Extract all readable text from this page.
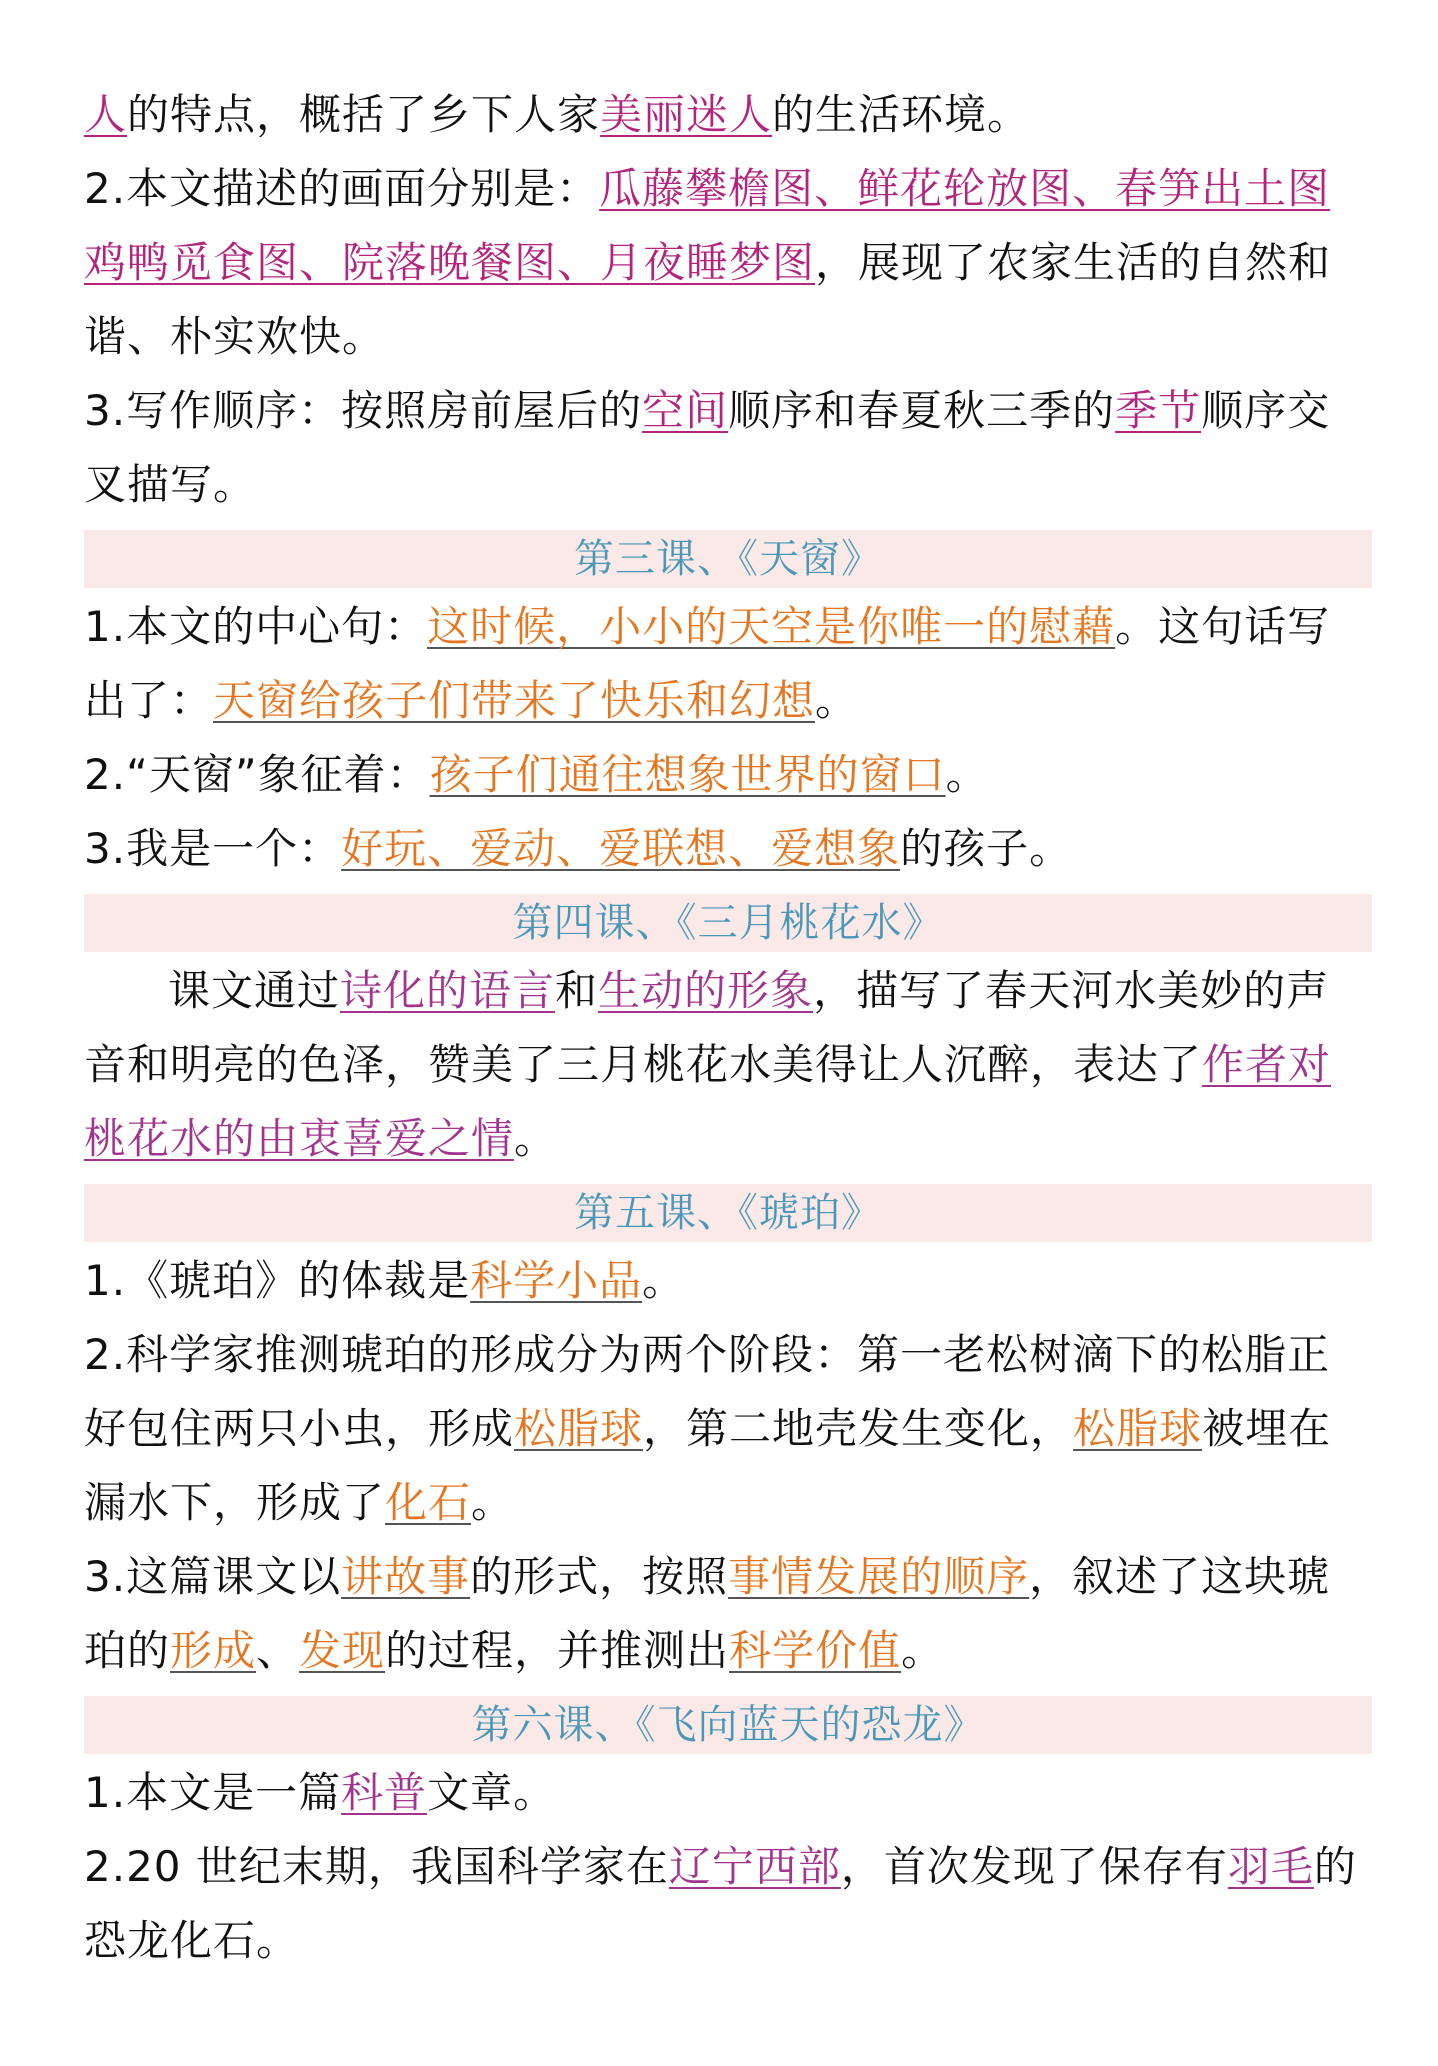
人的特点，概括了乡下人家美丽迷人的生活环境。
2.本文描述的画面分别是：瓜藤攀檐图、鲜花轮放图、春笋出土图
鸡鸭觅食图、院落晚餐图、月夜睡梦图，展现了农家生活的自然和
谐、朴实欢快。
3.写作顺序：按照房前屋后的空间顺序和春夏秋三季的季节顺序交
叉描写。
第三课、《天窗》
1.本文的中心句：这时候，小小的天空是你唯一的慰藉。这句话写
出了：天窗给孩子们带来了快乐和幻想。
2.“天窗”象征着：孩子们通往想象世界的窗口。
3.我是一个：好玩、爱动、爱联想、爱想象的孩子。
第四课、《三月桃花水》
课文通过诗化的语言和生动的形象，描写了春天河水美妙的声
音和明亮的色泽，赞美了三月桃花水美得让人沉醉，表达了作者对
桃花水的由衷喜爱之情。
第五课、《琥珀》
1.《琥珀》的体裁是科学小品。
2.科学家推测琥珀的形成分为两个阶段：第一老松树滴下的松脂正
好包住两只小虫，形成松脂球，第二地壳发生变化，松脂球被埋在
漏水下，形成了化石。
3.这篇课文以讲故事的形式，按照事情发展的顺序，叙述了这块琥
珀的形成、发现的过程，并推测出科学价值。
第六课、《飞向蓝天的恐龙》
1.本文是一篇科普文章。
2.20 世纪末期，我国科学家在辽宁西部，首次发现了保存有羽毛的
恐龙化石。
